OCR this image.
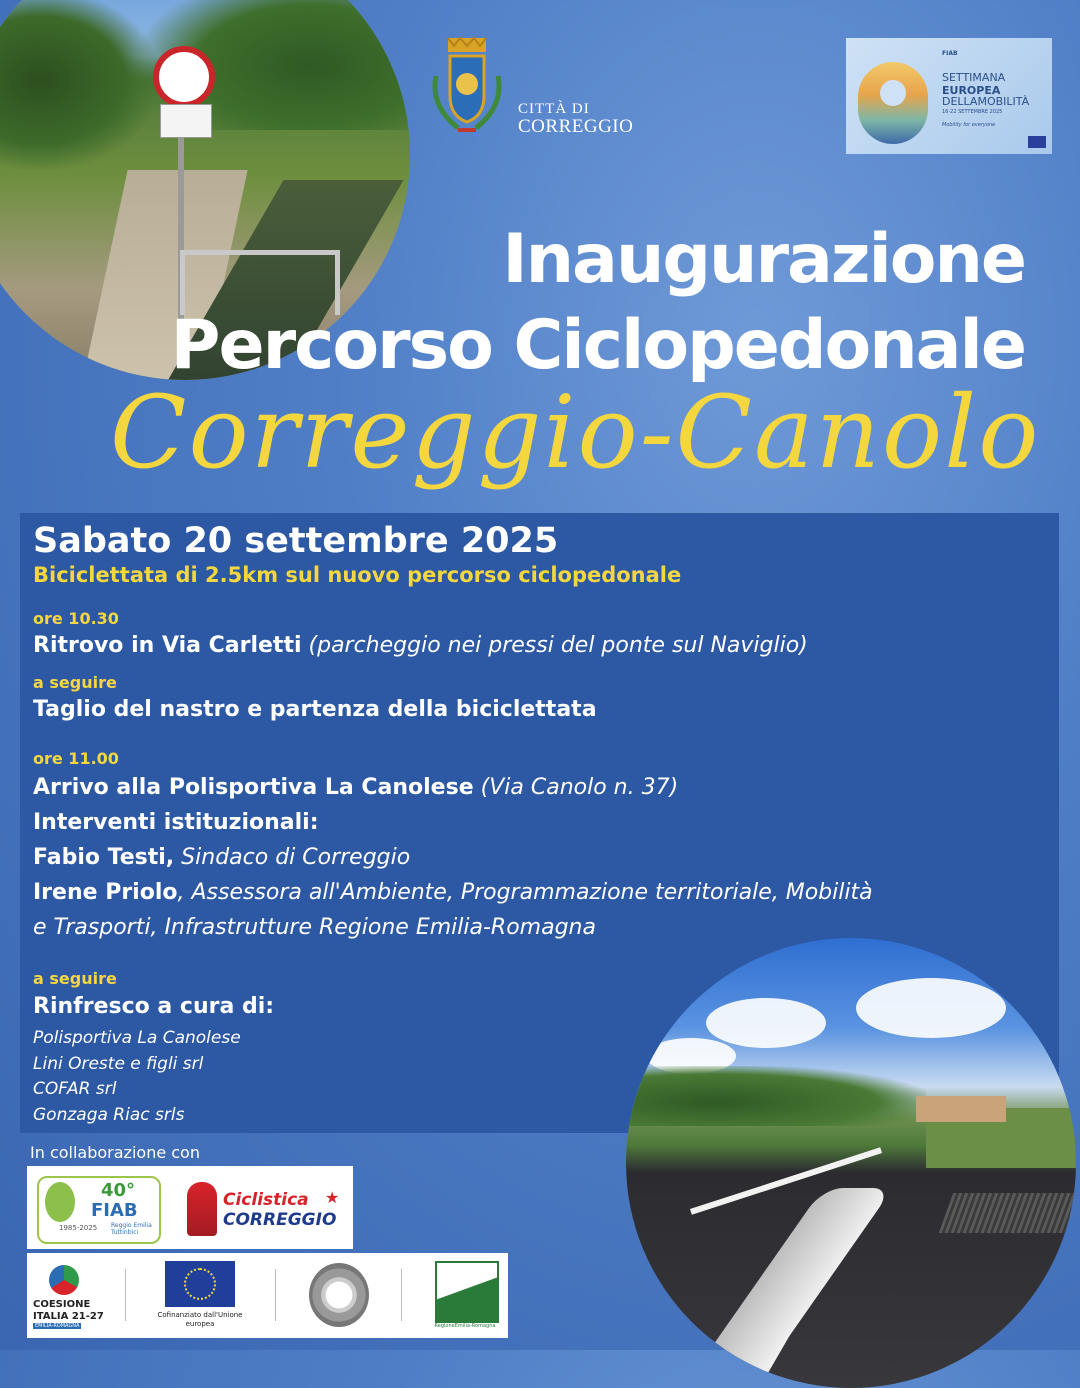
CITTÀ DI
CORREGGIO
FIAB
SETTIMANA
EUROPEA
DELLAMOBILITÀ
16-22 SETTEMBRE 2025
Mobility for everyone
Inaugurazione
Percorso Ciclopedonale
Correggio-Canolo
Sabato 20 settembre 2025
Biciclettata di 2.5km sul nuovo percorso ciclopedonale
ore 10.30
Ritrovo in Via Carletti (parcheggio nei pressi del ponte sul Naviglio)
a seguire
Taglio del nastro e partenza della biciclettata
ore 11.00
Arrivo alla Polisportiva La Canolese (Via Canolo n. 37)
Interventi istituzionali:
Fabio Testi, Sindaco di Correggio
Irene Priolo, Assessora all'Ambiente, Programmazione territoriale, Mobilità
e Trasporti, Infrastrutture Regione Emilia-Romagna
a seguire
Rinfresco a cura di:
Polisportiva La Canolese
Lini Oreste e figli srl
COFAR srl
Gonzaga Riac srls
In collaborazione con
40°
FIAB
1985-2025 Reggio Emilia Tuttinbici
Ciclistica ★
CORREGGIO
COESIONE
ITALIA 21-27
EMILIA-ROMAGNA
Cofinanziato dall'Unione europea	RegioneEmilia-Romagna
